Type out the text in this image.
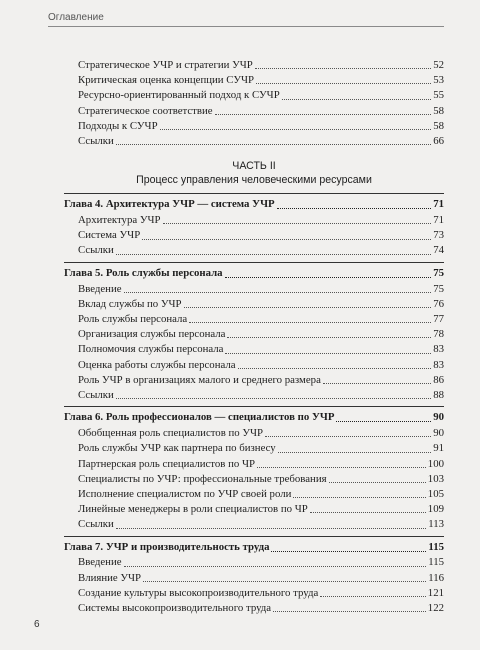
Оглавление
Стратегическое УЧР и стратегии УЧР	52
Критическая оценка концепции СУЧР	53
Ресурсно-ориентированный подход к СУЧР	55
Стратегическое соответствие	58
Подходы к СУЧР	58
Ссылки	66
ЧАСТЬ II
Процесс управления человеческими ресурсами
Глава 4. Архитектура УЧР — система УЧР	71
Архитектура УЧР	71
Система УЧР	73
Ссылки	74
Глава 5. Роль службы персонала	75
Введение	75
Вклад службы по УЧР	76
Роль службы персонала	77
Организация службы персонала	78
Полномочия службы персонала	83
Оценка работы службы персонала	83
Роль УЧР в организациях малого и среднего размера	86
Ссылки	88
Глава 6. Роль профессионалов — специалистов по УЧР	90
Обобщенная роль специалистов по УЧР	90
Роль службы УЧР как партнера по бизнесу	91
Партнерская роль специалистов по ЧР	100
Специалисты по УЧР: профессиональные требования	103
Исполнение специалистом по УЧР своей роли	105
Линейные менеджеры в роли специалистов по ЧР	109
Ссылки	113
Глава 7. УЧР и производительность труда	115
Введение	115
Влияние УЧР	116
Создание культуры высокопроизводительного труда	121
Системы высокопроизводительного труда	122
6
